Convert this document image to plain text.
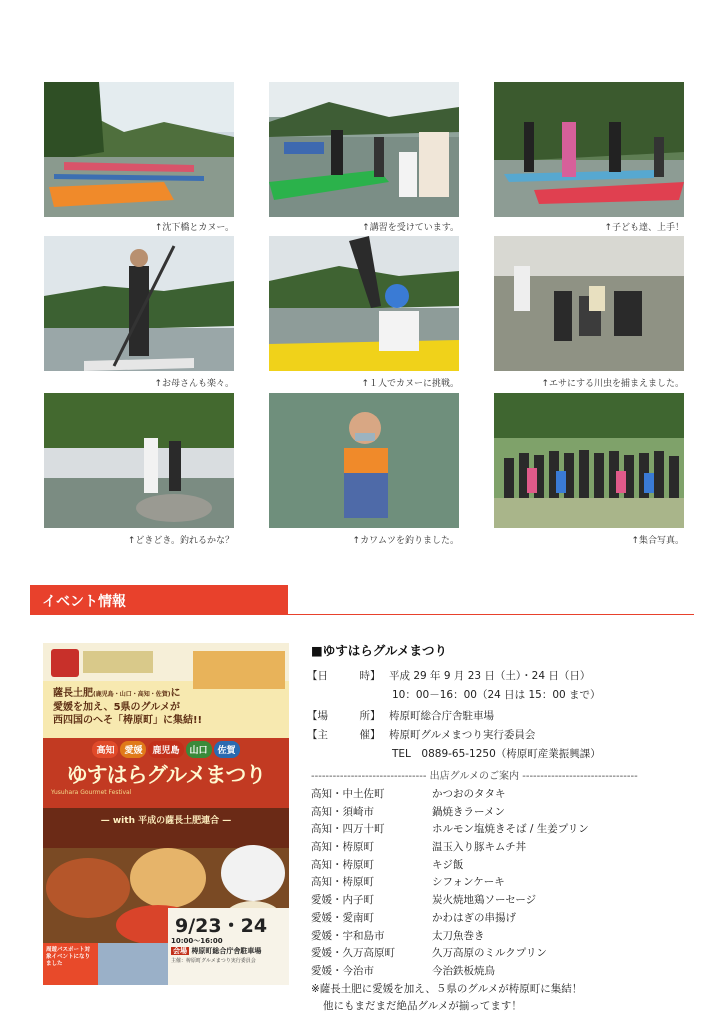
↑沈下橋とカヌー。	↑講習を受けています。	↑子ども達、上手！
↑お母さんも楽々。	↑１人でカヌーに挑戦。	↑エサにする川虫を捕まえました。
↑どきどき。釣れるかな？	↑カワムツを釣りました。	↑集合写真。
イベント情報
薩長土肥(鹿児島・山口・高知・佐賀)に
愛媛を加え、5県のグルメが
西四国のへそ「梼原町」に集結!!
高知	愛媛	鹿児島	山口	佐賀
ゆすはらグルメまつり
Yusuhara Gourmet Festival
— with 平成の薩長土肥連合 —
9/23・24
10:00〜16:00
会場 梼原町総合庁舎駐車場
主催：梼原町グルメまつり実行委員会
周遊パスポート対象イベントになりました
■ゆすはらグルメまつり
【日　　　時】 平成 29 年 9 月 23 日（土）・24 日（日）
10：00－16：00（24 日は 15：00 まで）
【場　　　所】 梼原町総合庁舎駐車場
【主　　　催】 梼原町グルメまつり実行委員会
TEL　0889-65-1250（梼原町産業振興課）
-------------------------------- 出店グルメのご案内 --------------------------------
高知・中土佐町	かつおのタタキ
高知・須崎市	鍋焼きラーメン
高知・四万十町	ホルモン塩焼きそば / 生姜プリン
高知・梼原町	温玉入り豚キムチ丼
高知・梼原町	キジ飯
高知・梼原町	シフォンケーキ
愛媛・内子町	炭火焼地鶏ソーセージ
愛媛・愛南町	かわはぎの串揚げ
愛媛・宇和島市	太刀魚巻き
愛媛・久万高原町	久万高原のミルクプリン
愛媛・今治市	今治鉄板焼鳥
※薩長土肥に愛媛を加え、５県のグルメが梼原町に集結！
他にもまだまだ絶品グルメが揃ってます！
